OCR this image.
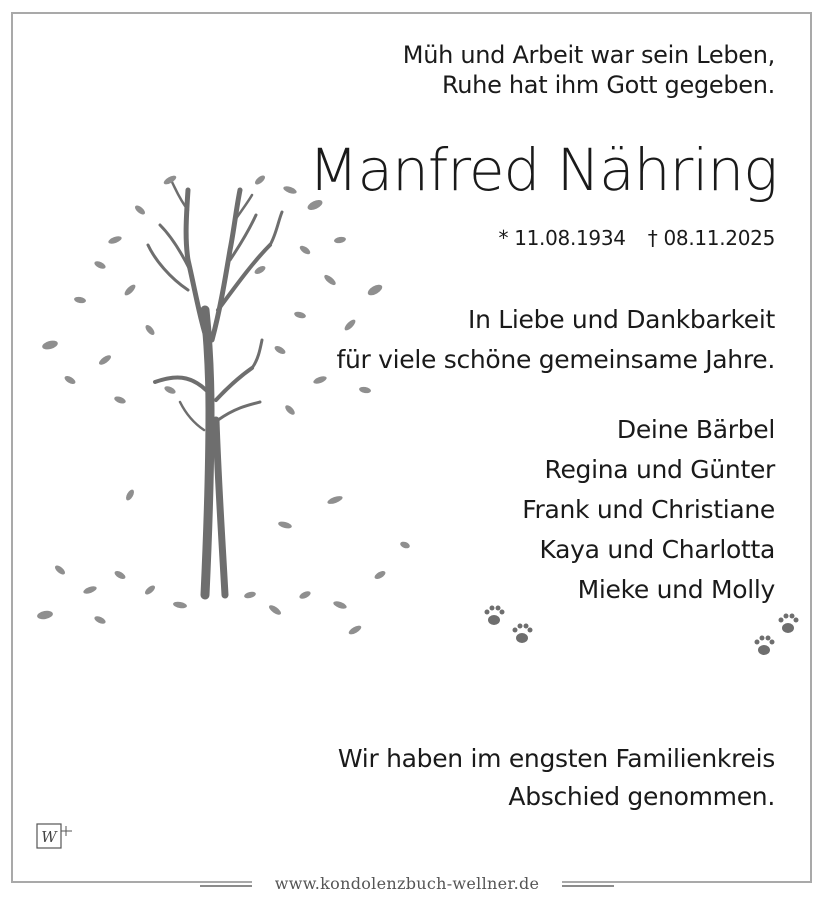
Müh und Arbeit war sein Leben,
Ruhe hat ihm Gott gegeben.
Manfred Nähring
* 11.08.1934 † 08.11.2025
In Liebe und Dankbarkeit
für viele schöne gemeinsame Jahre.
Deine Bärbel
Regina und Günter
Frank und Christiane
Kaya und Charlotta
Mieke und Molly
Wir haben im engsten Familienkreis
Abschied genommen.
W
www.kondolenzbuch-wellner.de
